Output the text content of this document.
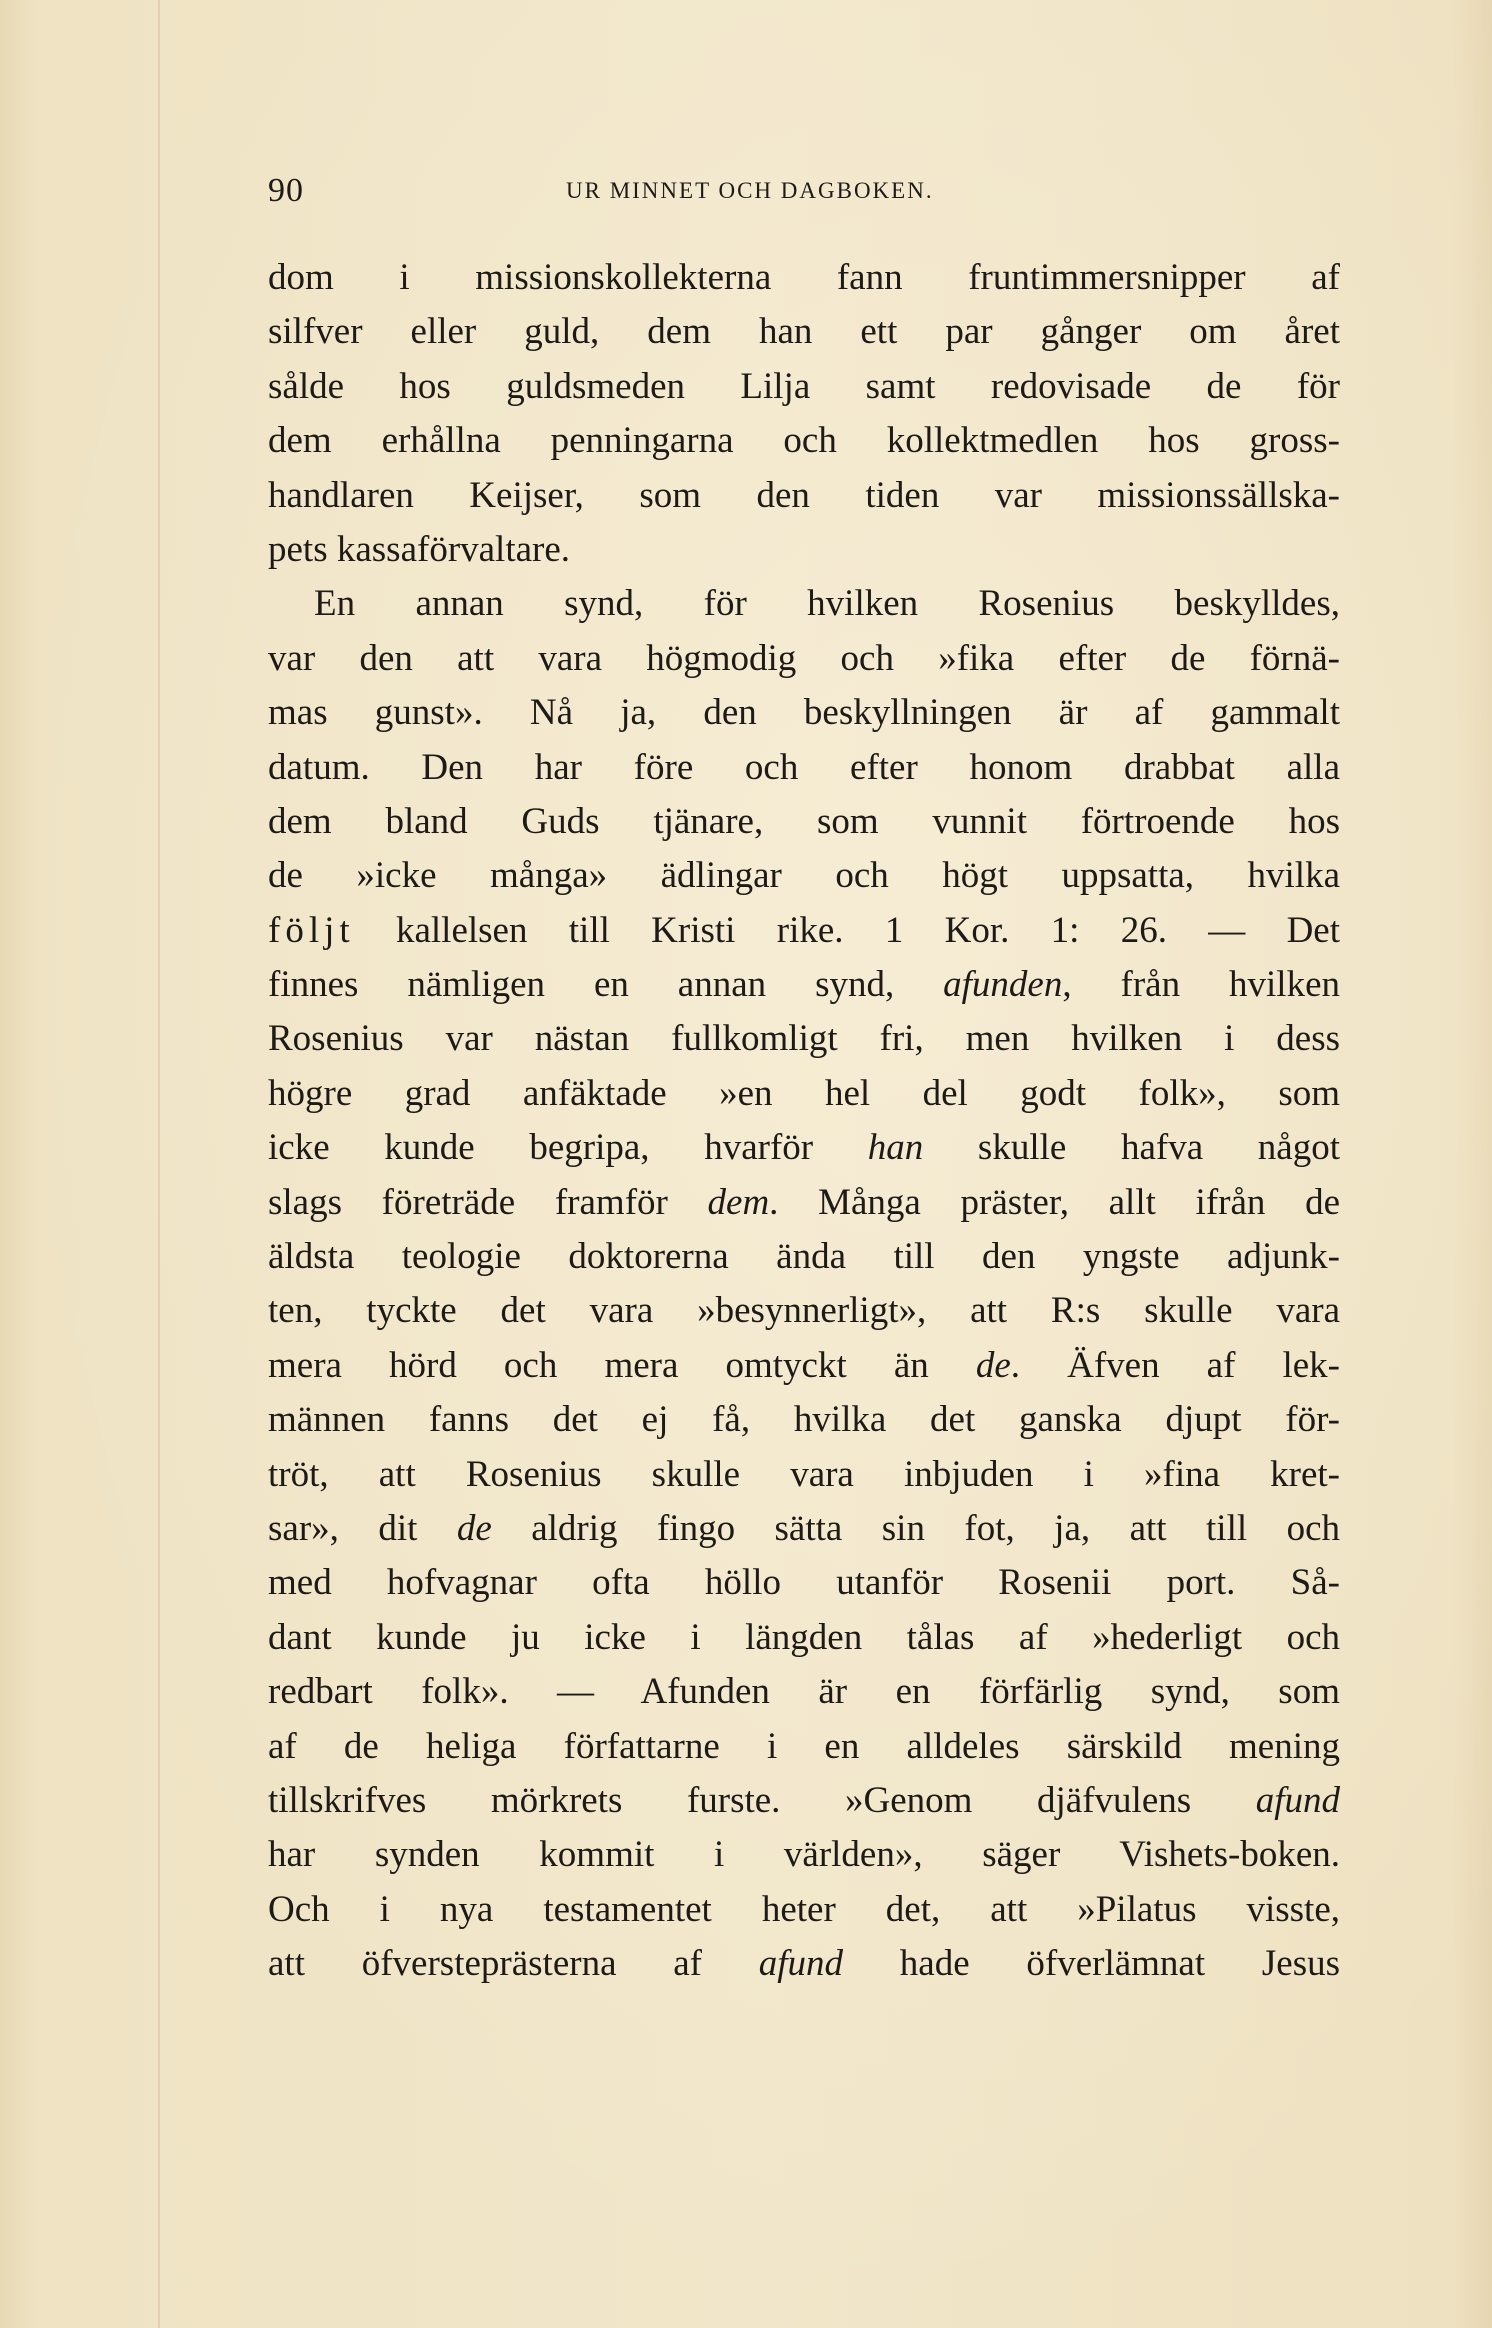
90	UR MINNET OCH DAGBOKEN.
dom i missionskollekterna fann fruntimmersnipper af
silfver eller guld, dem han ett par gånger om året
sålde hos guldsmeden Lilja samt redovisade de för
dem erhållna penningarna och kollektmedlen hos gross-
handlaren Keijser, som den tiden var missionssällska-
pets kassaförvaltare.
En annan synd, för hvilken Rosenius beskylldes,
var den att vara högmodig och »fika efter de förnä-
mas gunst». Nå ja, den beskyllningen är af gammalt
datum. Den har före och efter honom drabbat alla
dem bland Guds tjänare, som vunnit förtroende hos
de »icke många» ädlingar och högt uppsatta, hvilka
följt kallelsen till Kristi rike. 1 Kor. 1: 26. — Det
finnes nämligen en annan synd, afunden, från hvilken
Rosenius var nästan fullkomligt fri, men hvilken i dess
högre grad anfäktade »en hel del godt folk», som
icke kunde begripa, hvarför han skulle hafva något
slags företräde framför dem. Många präster, allt ifrån de
äldsta teologie doktorerna ända till den yngste adjunk-
ten, tyckte det vara »besynnerligt», att R:s skulle vara
mera hörd och mera omtyckt än de. Äfven af lek-
männen fanns det ej få, hvilka det ganska djupt för-
tröt, att Rosenius skulle vara inbjuden i »fina kret-
sar», dit de aldrig fingo sätta sin fot, ja, att till och
med hofvagnar ofta höllo utanför Rosenii port. Så-
dant kunde ju icke i längden tålas af »hederligt och
redbart folk». — Afunden är en förfärlig synd, som
af de heliga författarne i en alldeles särskild mening
tillskrifves mörkrets furste. »Genom djäfvulens afund
har synden kommit i världen», säger Vishets-boken.
Och i nya testamentet heter det, att »Pilatus visste,
att öfversteprästerna af afund hade öfverlämnat Jesus
